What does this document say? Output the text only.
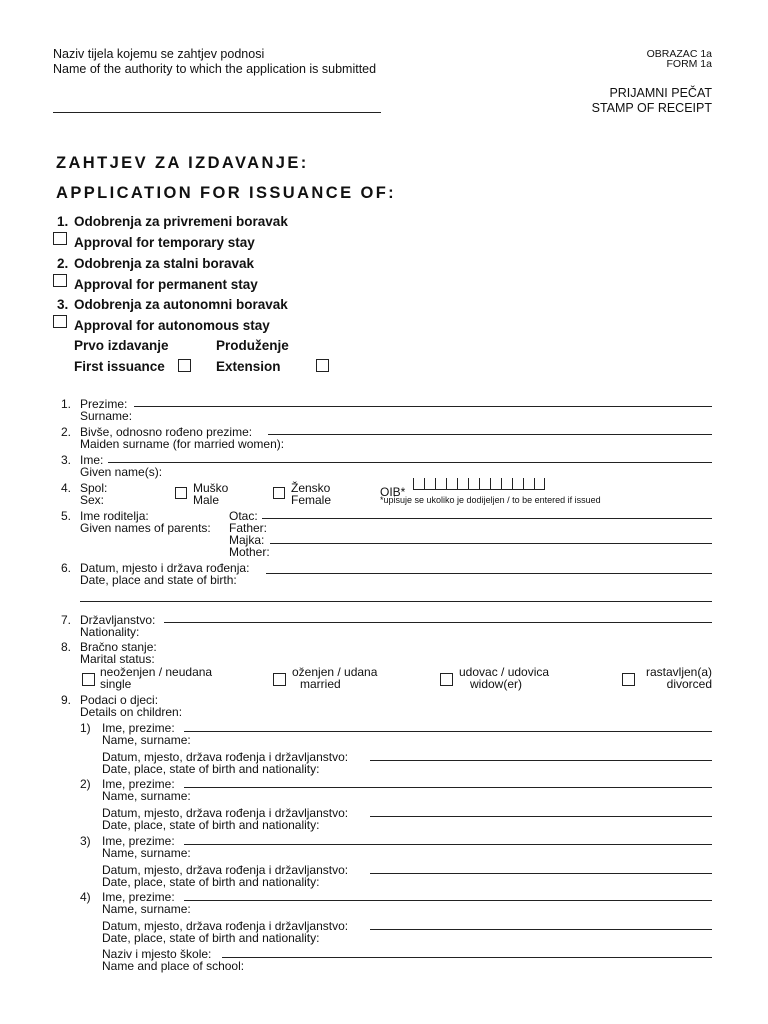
Naziv tijela kojemu se zahtjev podnosi
Name of the authority to which the application is submitted
OBRAZAC 1a
FORM 1a
PRIJAMNI PEČAT
STAMP OF RECEIPT
ZAHTJEV ZA IZDAVANJE:
APPLICATION FOR ISSUANCE OF:
1. Odobrenja za privremeni boravak
Approval for temporary stay
2. Odobrenja za stalni boravak
Approval for permanent stay
3. Odobrenja za autonomni boravak
Approval for autonomous stay
Prvo izdavanje
First issuance
Produženje
Extension
1. Prezime:
Surname:
2. Bivše, odnosno rođeno prezime:
Maiden surname (for married women):
3. Ime:
Given name(s):
4. Spol:
Sex:
Muško
Male
Žensko
Female
OIB*
*upisuje se ukoliko je dodijeljen / to be entered if issued
5. Ime roditelja:
Given names of parents:
Otac:
Father:
Majka:
Mother:
6. Datum, mjesto i država rođenja:
Date, place and state of birth:
7. Državljanstvo:
Nationality:
8. Bračno stanje:
Marital status:
neoženjen / neudana
single
oženjen / udana
married
udovac / udovica
widow(er)
rastavljen(a)
divorced
9. Podaci o djeci:
Details on children:
1) Ime, prezime:
Name, surname:
Datum, mjesto, država rođenja i državljanstvo:
Date, place, state of birth and nationality:
2) Ime, prezime:
Name, surname:
Datum, mjesto, država rođenja i državljanstvo:
Date, place, state of birth and nationality:
3) Ime, prezime:
Name, surname:
Datum, mjesto, država rođenja i državljanstvo:
Date, place, state of birth and nationality:
4) Ime, prezime:
Name, surname:
Datum, mjesto, država rođenja i državljanstvo:
Date, place, state of birth and nationality:
Naziv i mjesto škole:
Name and place of school:
